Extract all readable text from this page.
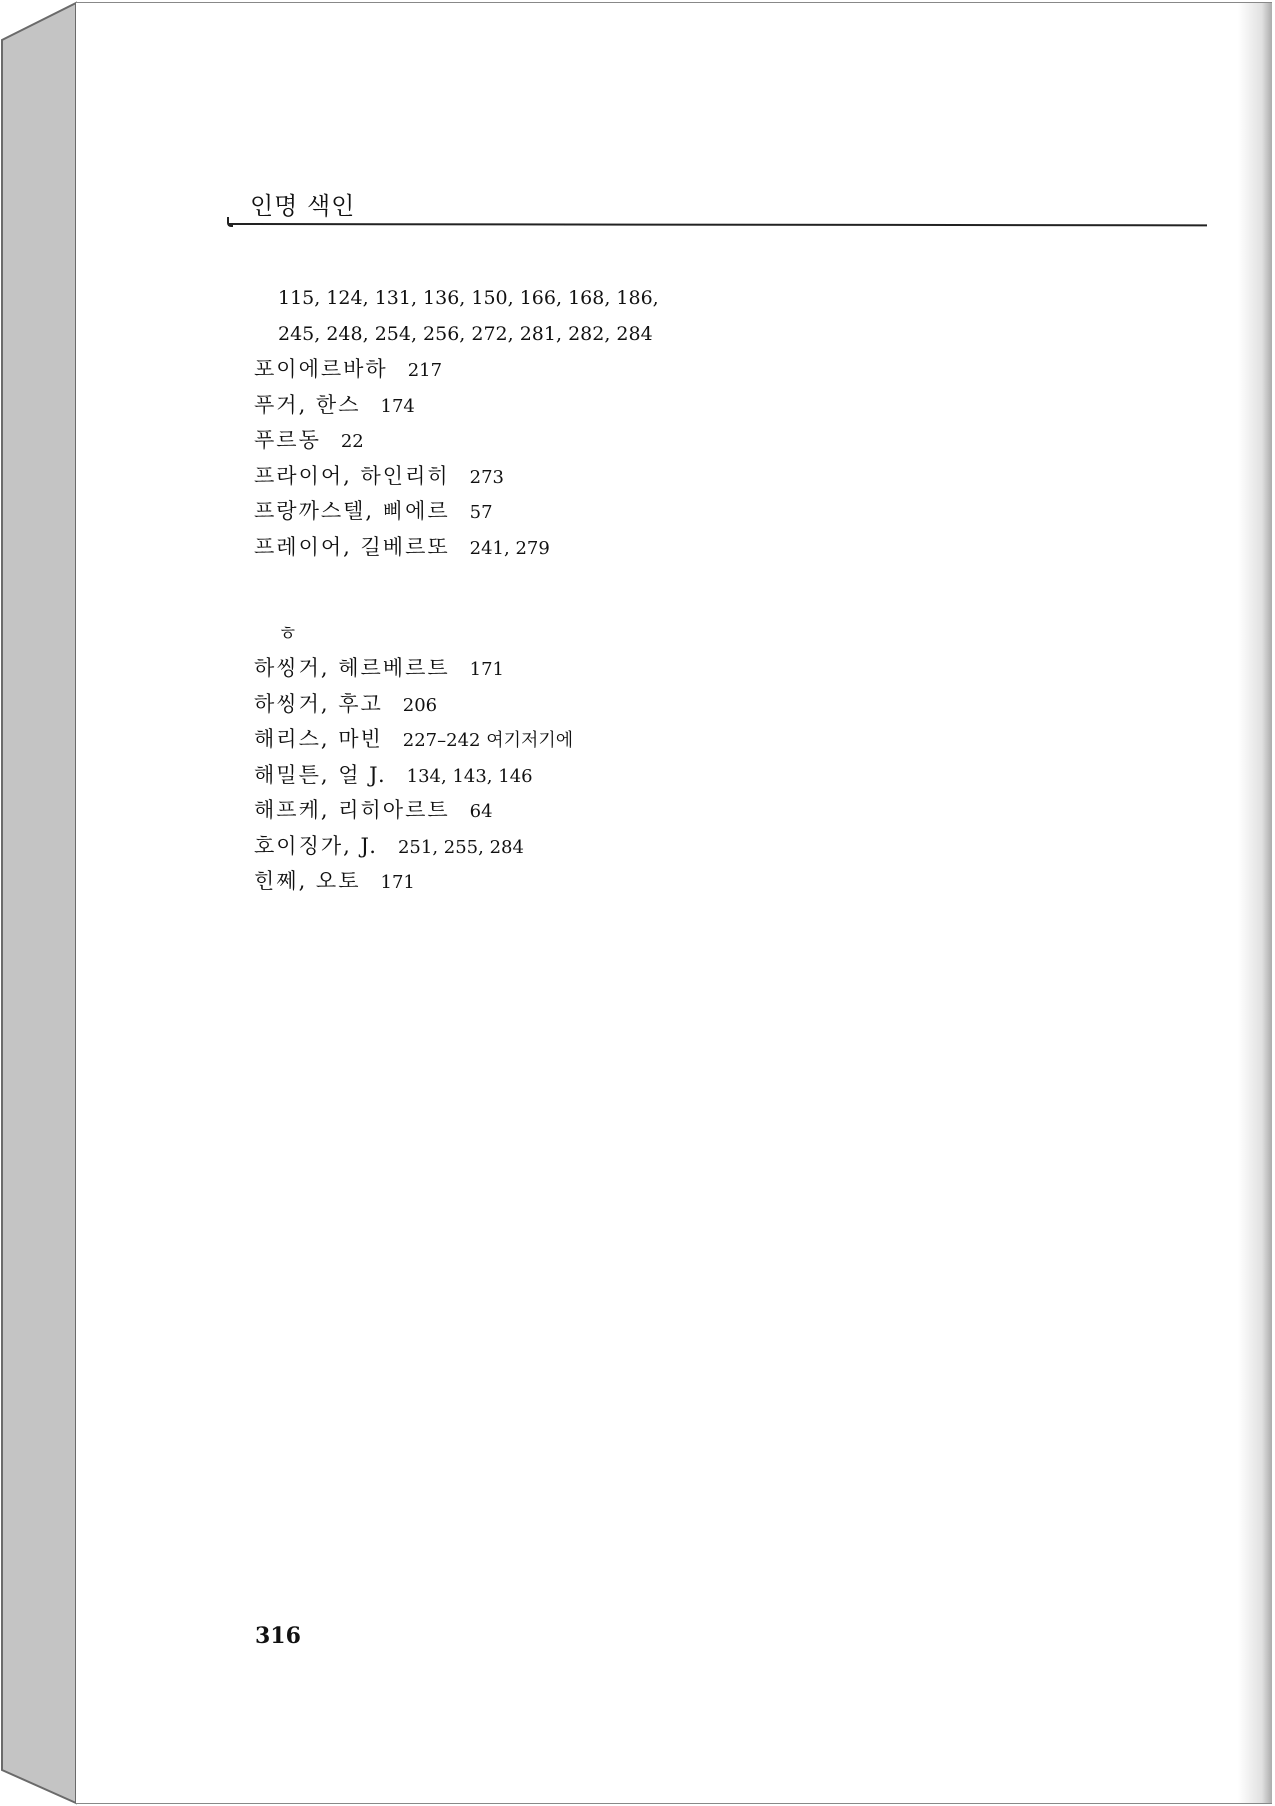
인명 색인
115, 124, 131, 136, 150, 166, 168, 186,
245, 248, 254, 256, 272, 281, 282, 284
포이에르바하 217
푸거, 한스 174
푸르동 22
프라이어, 하인리히 273
프랑까스텔, 삐에르 57
프레이어, 길베르또 241, 279
ㅎ
하씽거, 헤르베르트 171
하씽거, 후고 206
해리스, 마빈 227–242 여기저기에
해밀튼, 얼 J. 134, 143, 146
해프케, 리히아르트 64
호이징가, J. 251, 255, 284
힌쩨, 오토 171
316
